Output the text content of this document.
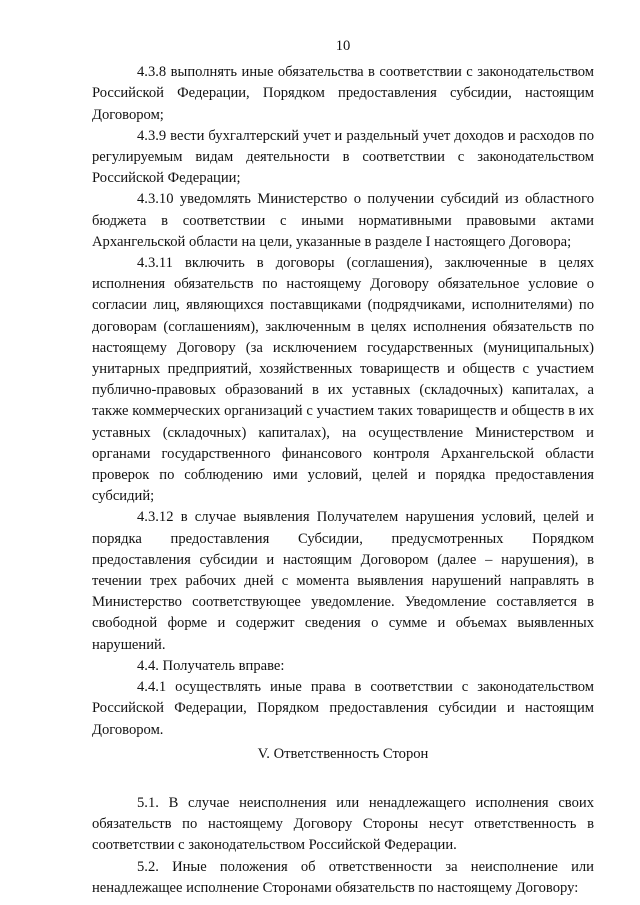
10

4.3.8 выполнять иные обязательства в соответствии с законодательством Российской Федерации, Порядком предоставления субсидии, настоящим Договором;

4.3.9 вести бухгалтерский учет и раздельный учет доходов и расходов по регулируемым видам деятельности в соответствии с законодательством Российской Федерации;

4.3.10 уведомлять Министерство о получении субсидий из областного бюджета в соответствии с иными нормативными правовыми актами Архангельской области на цели, указанные в разделе I настоящего Договора;

4.3.11 включить в договоры (соглашения), заключенные в целях исполнения обязательств по настоящему Договору обязательное условие о согласии лиц, являющихся поставщиками (подрядчиками, исполнителями) по договорам (соглашениям), заключенным в целях исполнения обязательств по настоящему Договору (за исключением государственных (муниципальных) унитарных предприятий, хозяйственных товариществ и обществ с участием публично-правовых образований в их уставных (складочных) капиталах, а также коммерческих организаций с участием таких товариществ и обществ в их уставных (складочных) капиталах), на осуществление Министерством и органами государственного финансового контроля Архангельской области проверок по соблюдению ими условий, целей и порядка предоставления субсидий;

4.3.12 в случае выявления Получателем нарушения условий, целей и порядка предоставления Субсидии, предусмотренных Порядком предоставления субсидии и настоящим Договором (далее – нарушения), в течении трех рабочих дней с момента выявления нарушений направлять в Министерство соответствующее уведомление. Уведомление составляется в свободной форме и содержит сведения о сумме и объемах выявленных нарушений.

4.4. Получатель вправе:

4.4.1 осуществлять иные права в соответствии с законодательством Российской Федерации, Порядком предоставления субсидии и настоящим Договором.

V. Ответственность Сторон

5.1. В случае неисполнения или ненадлежащего исполнения своих обязательств по настоящему Договору Стороны несут ответственность в соответствии с законодательством Российской Федерации.

5.2. Иные положения об ответственности за неисполнение или ненадлежащее исполнение Сторонами обязательств по настоящему Договору:
